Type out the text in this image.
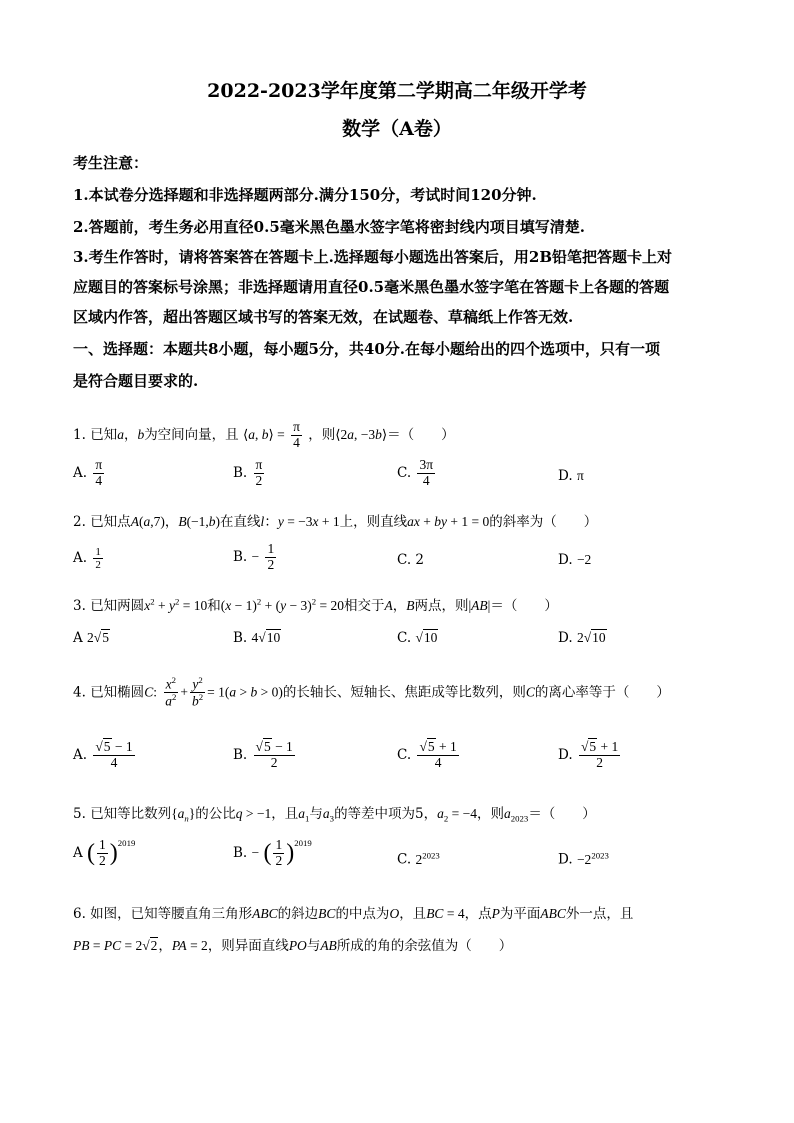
2022-2023学年度第二学期高二年级开学考
数学（A卷）
考生注意：
1.本试卷分选择题和非选择题两部分.满分150分，考试时间120分钟.
2.答题前，考生务必用直径0.5毫米黑色墨水签字笔将密封线内项目填写清楚.
3.考生作答时，请将答案答在答题卡上.选择题每小题选出答案后，用2B铅笔把答题卡上对
应题目的答案标号涂黑；非选择题请用直径0.5毫米黑色墨水签字笔在答题卡上各题的答题
区域内作答，超出答题区域书写的答案无效，在试题卷、草稿纸上作答无效.
一、选择题：本题共8小题，每小题5分，共40分.在每小题给出的四个选项中，只有一项
是符合题目要求的.
1. 已知a，b为空间向量，且 ⟨a, b⟩ = $\frac{\pi}{4}$ ，则⟨2a, −3b⟩＝（　　）
A. $\frac{\pi}{4}$	B. $\frac{\pi}{2}$	C. $\frac{3\pi}{4}$	D. π
2. 已知点A(a,7)，B(−1,b)在直线l：y = −3x + 1上，则直线ax + by + 1 = 0的斜率为（　　）
A. $\frac{1}{2}$	B. − $\frac{1}{2}$	C. 2	D. −2
3. 已知两圆$x^2 + y^2 = 10$和$(x - 1)^2 + (y - 3)^2 = 20$相交于A，B两点，则|AB|＝（　　）
A 2√5	B. 4√10	C. √10	D. 2√10
4. 已知椭圆C: $\frac{x^2}{a^2} + \frac{y^2}{b^2} = 1(a > b > 0)$的长轴长、短轴长、焦距成等比数列，则C的离心率等于（　　）
A. $\frac{√5 - 1}{4}$	B. $\frac{√5 - 1}{2}$	C. $\frac{√5 + 1}{4}$	D. $\frac{√5 + 1}{2}$
5. 已知等比数列$\{a_n\}$的公比q > −1，且$a_1$与$a_3$的等差中项为5，$a_2 = -4$，则$a_{2023}=$（　　）
A ( $\frac{1}{2} )^{2019}$
B. − ( $\frac{1}{2} )^{2019}$
C. $2^{2023}$	D. $-2^{2023}$
6. 如图，已知等腰直角三角形ABC的斜边BC的中点为O，且BC = 4，点P为平面ABC外一点，且
PB = PC = 2√2，PA = 2，则异面直线PO与AB所成的角的余弦值为（　　）
